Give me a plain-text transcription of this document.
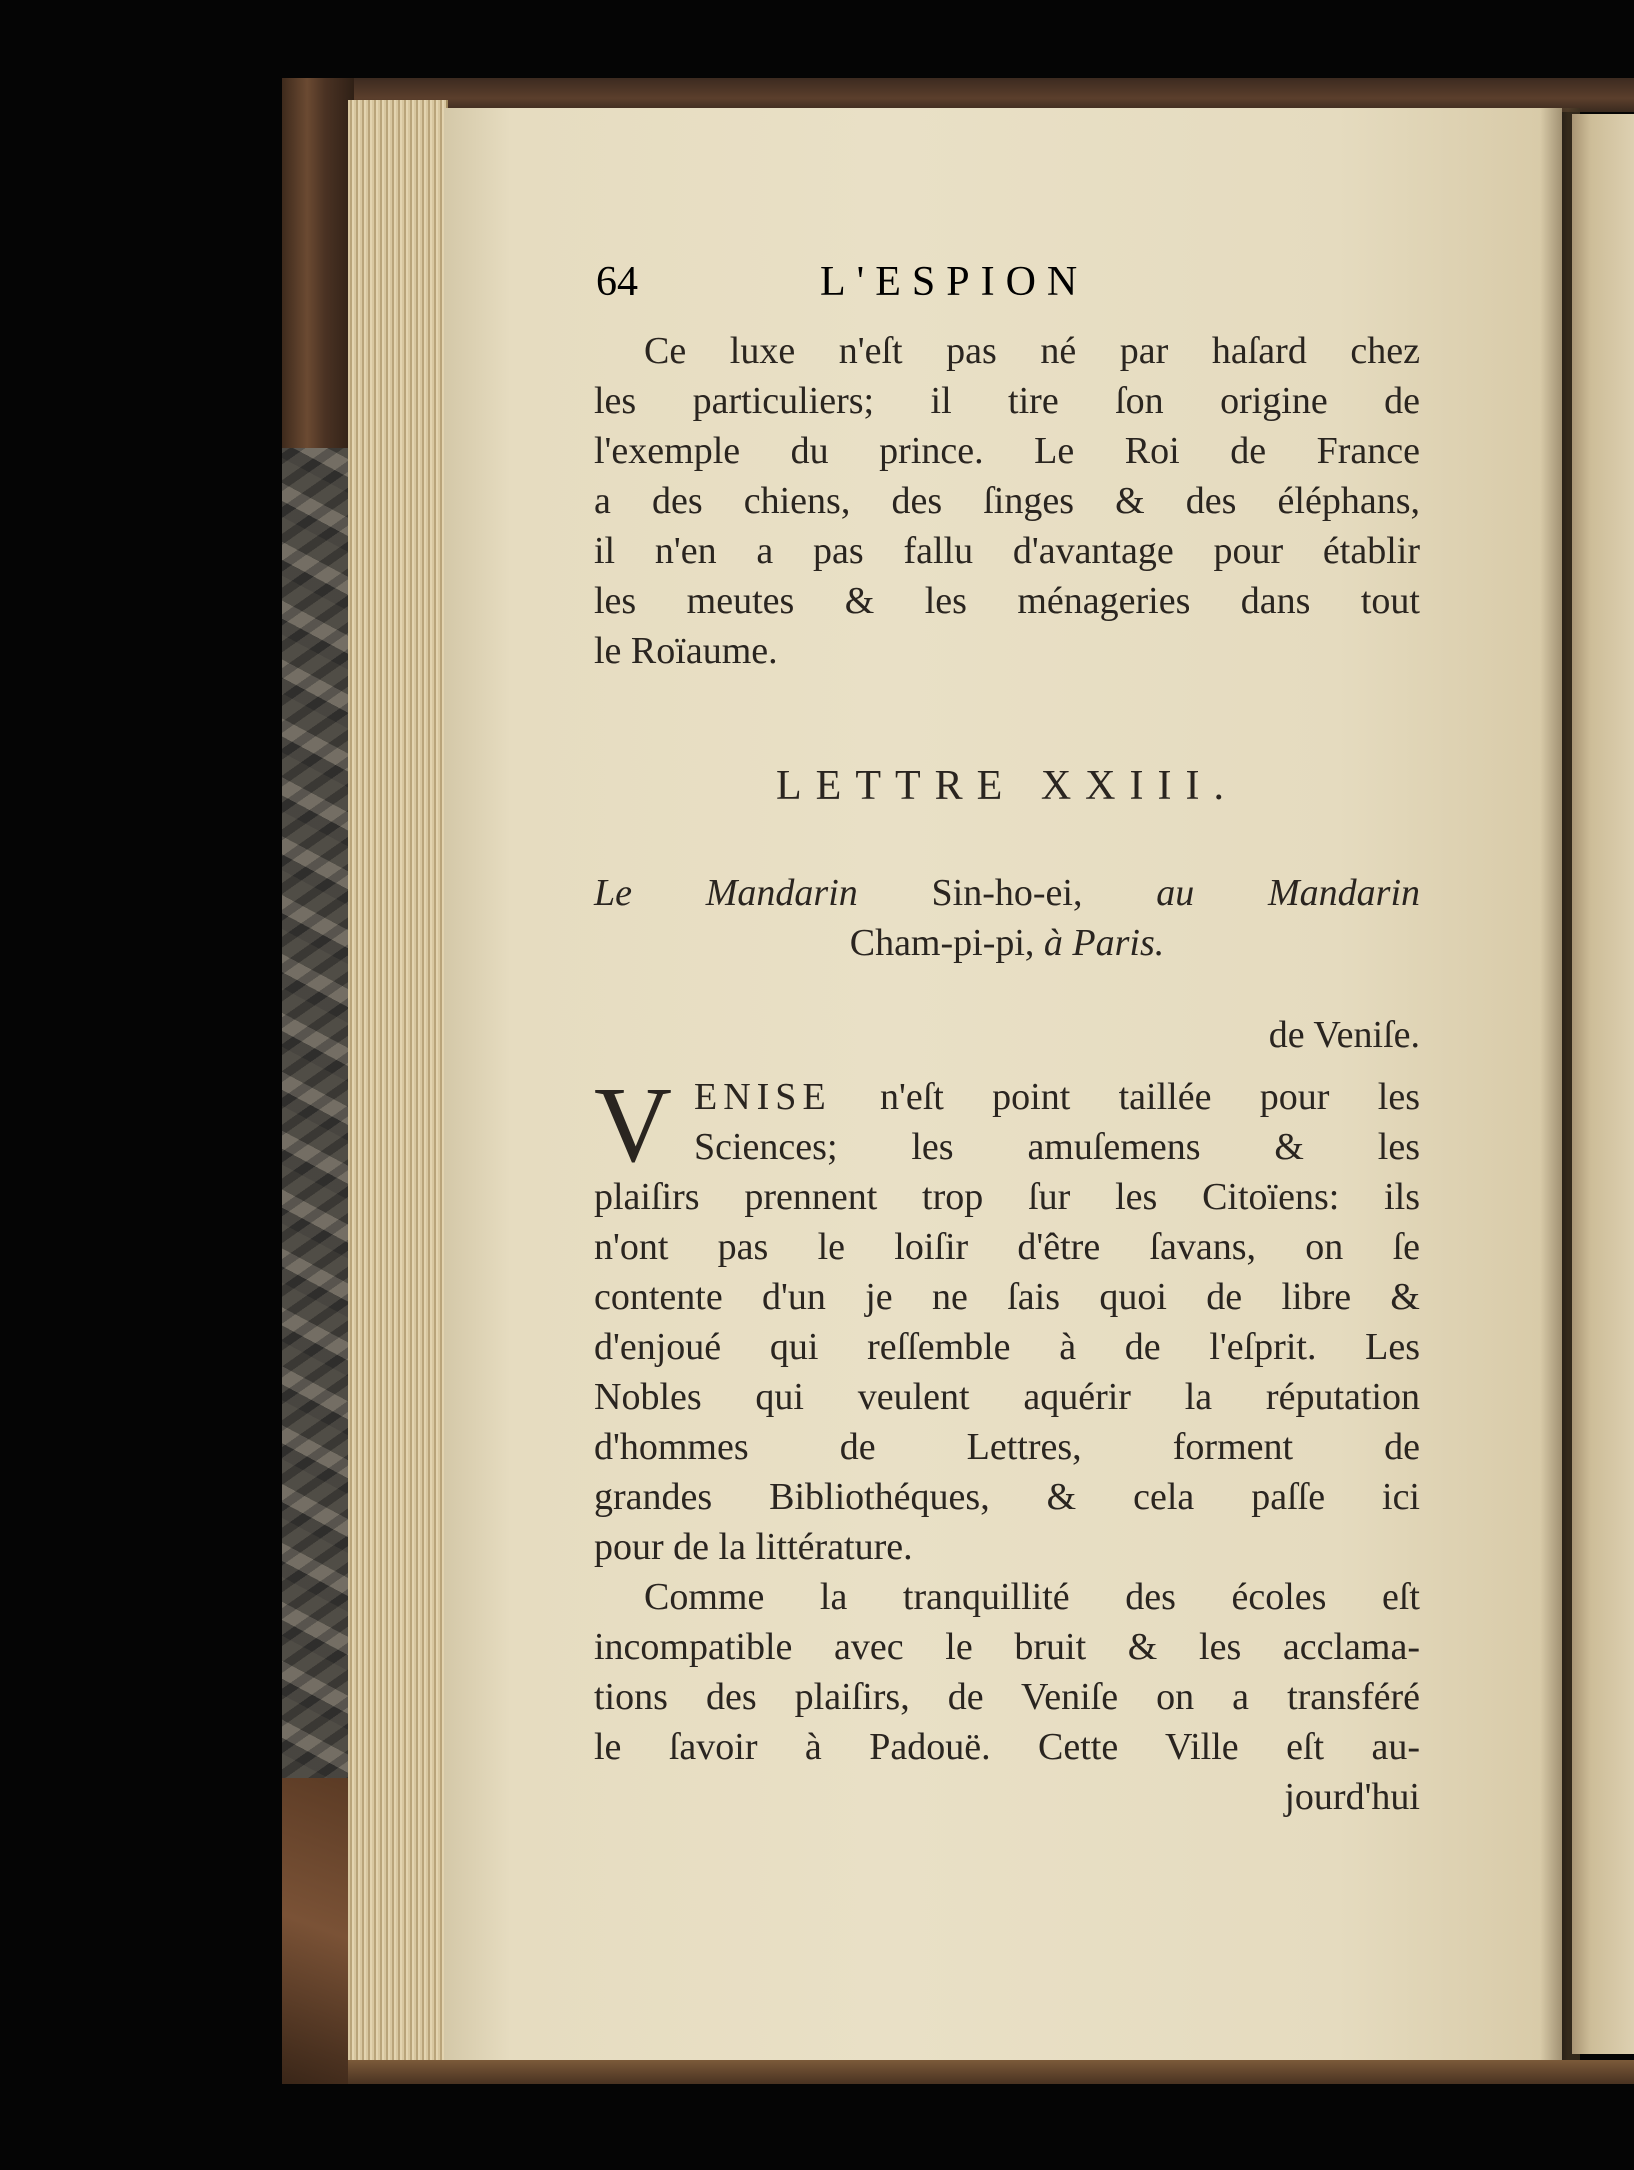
64	L'ESPION
Ce luxe n'eſt pas né par haſard chez
les particuliers; il tire ſon origine de
l'exemple du prince. Le Roi de France
a des chiens, des ſinges & des éléphans,
il n'en a pas fallu d'avantage pour établir
les meutes & les ménageries dans tout
le Roïaume.
LETTRE XXIII.
Le Mandarin Sin-ho-ei, au Mandarin
Cham-pi-pi, à Paris.
de Veniſe.
V ENISE n'eſt point taillée pour les
Sciences; les amuſemens & les
plaiſirs prennent trop ſur les Citoïens: ils
n'ont pas le loiſir d'être ſavans, on ſe
contente d'un je ne ſais quoi de libre &
d'enjoué qui reſſemble à de l'eſprit. Les
Nobles qui veulent aquérir la réputation
d'hommes de Lettres, forment de
grandes Bibliothéques, & cela paſſe ici
pour de la littérature.
Comme la tranquillité des écoles eſt
incompatible avec le bruit & les acclama-
tions des plaiſirs, de Veniſe on a transféré
le ſavoir à Padouë. Cette Ville eſt au-
jourd'hui
